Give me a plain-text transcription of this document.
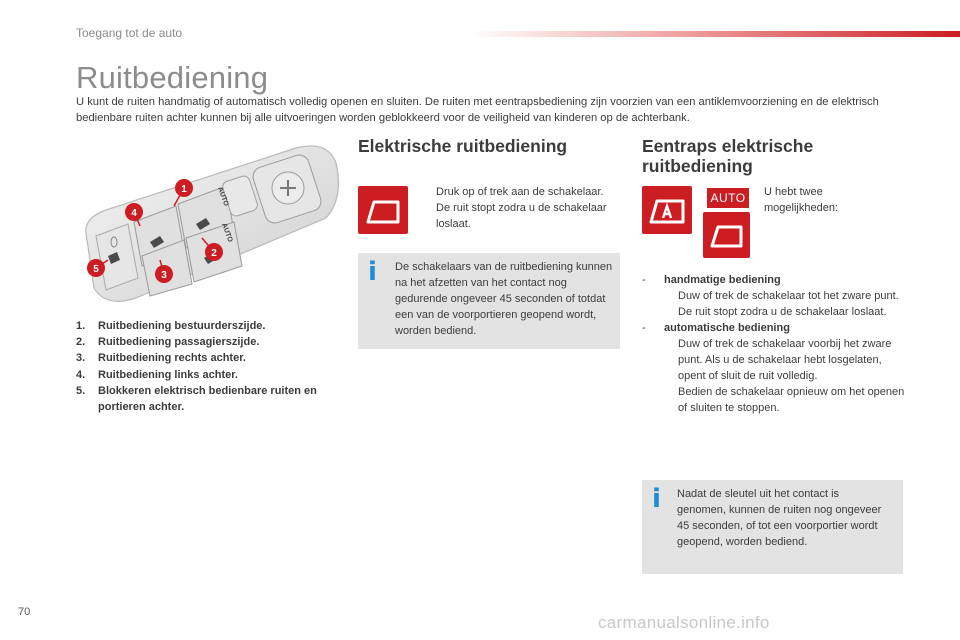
Toegang tot de auto
Ruitbediening
U kunt de ruiten handmatig of automatisch volledig openen en sluiten. De ruiten met eentrapsbediening zijn voorzien van een antiklemvoorziening en de elektrisch bedienbare ruiten achter kunnen bij alle uitvoeringen worden geblokkeerd voor de veiligheid van kinderen op de achterbank.
AUTO
AUTO
1
2
3
4
5
1.	Ruitbediening bestuurderszijde.
2.	Ruitbediening passagierszijde.
3.	Ruitbediening rechts achter.
4.	Ruitbediening links achter.
5.	Blokkeren elektrisch bedienbare ruiten en portieren achter.
Elektrische ruitbediening
Druk op of trek aan de schakelaar. De ruit stopt zodra u de schakelaar loslaat.
i De schakelaars van de ruitbediening kunnen na het afzetten van het contact nog gedurende ongeveer 45 seconden of totdat een van de voorportieren geopend wordt, worden bediend.
Eentraps elektrische ruitbediening
AUTO	U hebt twee mogelijkheden:
-	handmatige bediening
Duw of trek de schakelaar tot het zware punt. De ruit stopt zodra u de schakelaar loslaat.
-	automatische bediening
Duw of trek de schakelaar voorbij het zware punt. Als u de schakelaar hebt losgelaten, opent of sluit de ruit volledig.
Bedien de schakelaar opnieuw om het openen of sluiten te stoppen.
i Nadat de sleutel uit het contact is genomen, kunnen de ruiten nog ongeveer 45 seconden, of tot een voorportier wordt geopend, worden bediend.
70
carmanualsonline.info
